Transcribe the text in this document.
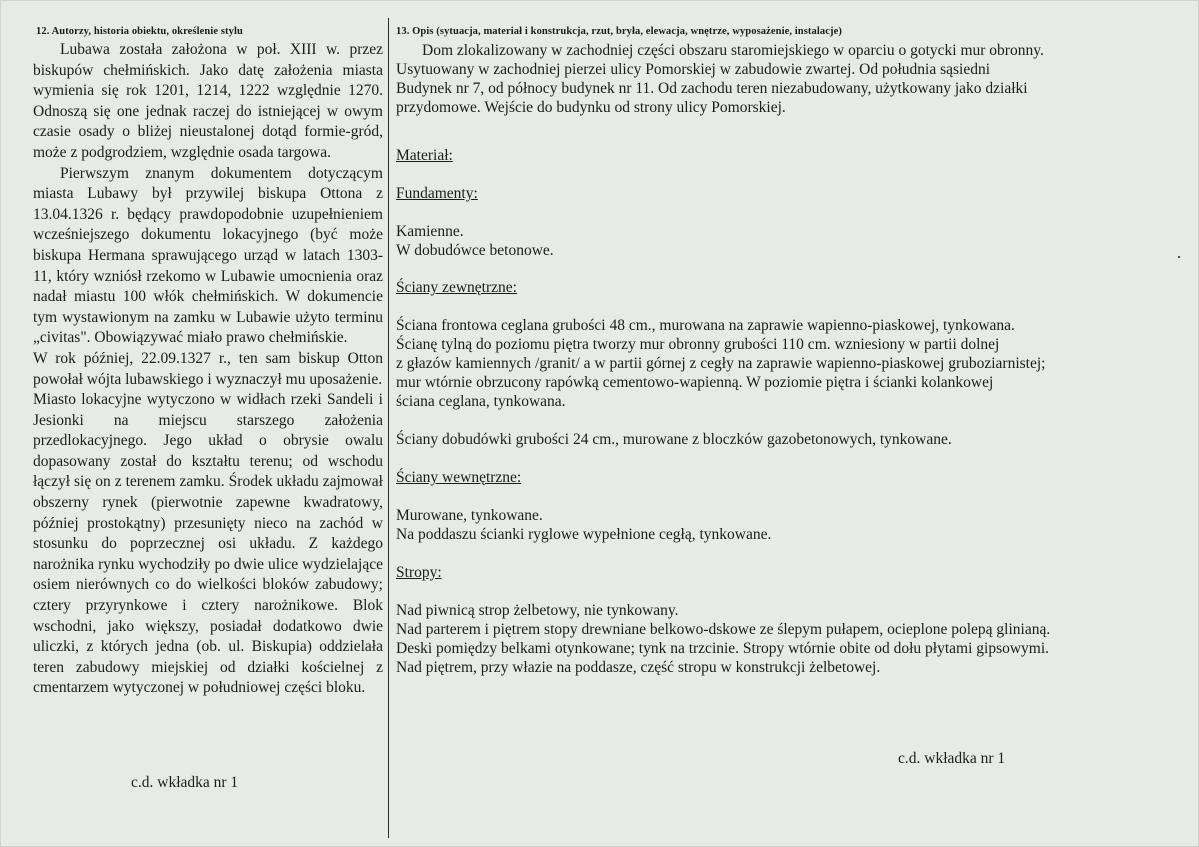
12. Autorzy, historia obiektu, określenie stylu

Lubawa została założona w poł. XIII w. przez biskupów chełmińskich. Jako datę założenia miasta wymienia się rok 1201, 1214, 1222 względnie 1270. Odnoszą się one jednak raczej do istniejącej w owym czasie osady o bliżej nieustalonej dotąd formie-gród, może z podgrodziem, względnie osada targowa.

Pierwszym znanym dokumentem dotyczącym miasta Lubawy był przywilej biskupa Ottona z 13.04.1326 r. będący prawdopodobnie uzupełnieniem wcześniejszego dokumentu lokacyjnego (być może biskupa Hermana sprawującego urząd w latach 1303-11, który wzniósł rzekomo w Lubawie umocnienia oraz nadał miastu 100 włók chełmińskich. W dokumencie tym wystawionym na zamku w Lubawie użyto terminu „civitas". Obowiązywać miało prawo chełmińskie.

W rok później, 22.09.1327 r., ten sam biskup Otton powołał wójta lubawskiego i wyznaczył mu uposażenie.

Miasto lokacyjne wytyczono w widłach rzeki Sandeli i Jesionki na miejscu starszego założenia przedlokacyjnego. Jego układ o obrysie owalu dopasowany został do kształtu terenu; od wschodu łączył się on z terenem zamku. Środek układu zajmował obszerny rynek (pierwotnie zapewne kwadratowy, później prostokątny) przesunięty nieco na zachód w stosunku do poprzecznej osi układu. Z każdego narożnika rynku wychodziły po dwie ulice wydzielające osiem nierównych co do wielkości bloków zabudowy; cztery przyrynkowe i cztery narożnikowe. Blok wschodni, jako większy, posiadał dodatkowo dwie uliczki, z których jedna (ob. ul. Biskupia) oddzielała teren zabudowy miejskiej od działki kościelnej z cmentarzem wytyczonej w południowej części bloku.

c.d. wkładka nr 1
13. Opis (sytuacja, materiał i konstrukcja, rzut, bryła, elewacja, wnętrze, wyposażenie, instalacje)
Dom zlokalizowany w zachodniej części obszaru staromiejskiego w oparciu o gotycki mur obronny.
Usytuowany w zachodniej pierzei ulicy Pomorskiej w zabudowie zwartej. Od południa sąsiedni
Budynek nr 7, od północy budynek nr 11. Od zachodu teren niezabudowany, użytkowany jako działki
przydomowe. Wejście do budynku od strony ulicy Pomorskiej.
Materiał:
Fundamenty:
Kamienne.
W dobudówce betonowe.
Ściany zewnętrzne:
Ściana frontowa ceglana grubości 48 cm., murowana na zaprawie wapienno-piaskowej, tynkowana.
Ścianę tylną do poziomu piętra tworzy mur obronny grubości 110 cm. wzniesiony w partii dolnej
z głazów kamiennych /granit/ a w partii górnej z cegły na zaprawie wapienno-piaskowej gruboziarnistej;
mur wtórnie obrzucony rapówką cementowo-wapienną. W poziomie piętra i ścianki kolankowej
ściana ceglana, tynkowana.
Ściany dobudówki grubości 24 cm., murowane z bloczków gazobetonowych, tynkowane.
Ściany wewnętrzne:
Murowane, tynkowane.
Na poddaszu ścianki ryglowe wypełnione cegłą, tynkowane.
Stropy:
Nad piwnicą strop żelbetowy, nie tynkowany.
Nad parterem i piętrem stopy drewniane belkowo-dskowe ze ślepym pułapem, ocieplone polepą glinianą.
Deski pomiędzy belkami otynkowane; tynk na trzcinie. Stropy wtórnie obite od dołu płytami gipsowymi.
Nad piętrem, przy włazie na poddasze, część stropu w konstrukcji żelbetowej.
c.d. wkładka nr 1
